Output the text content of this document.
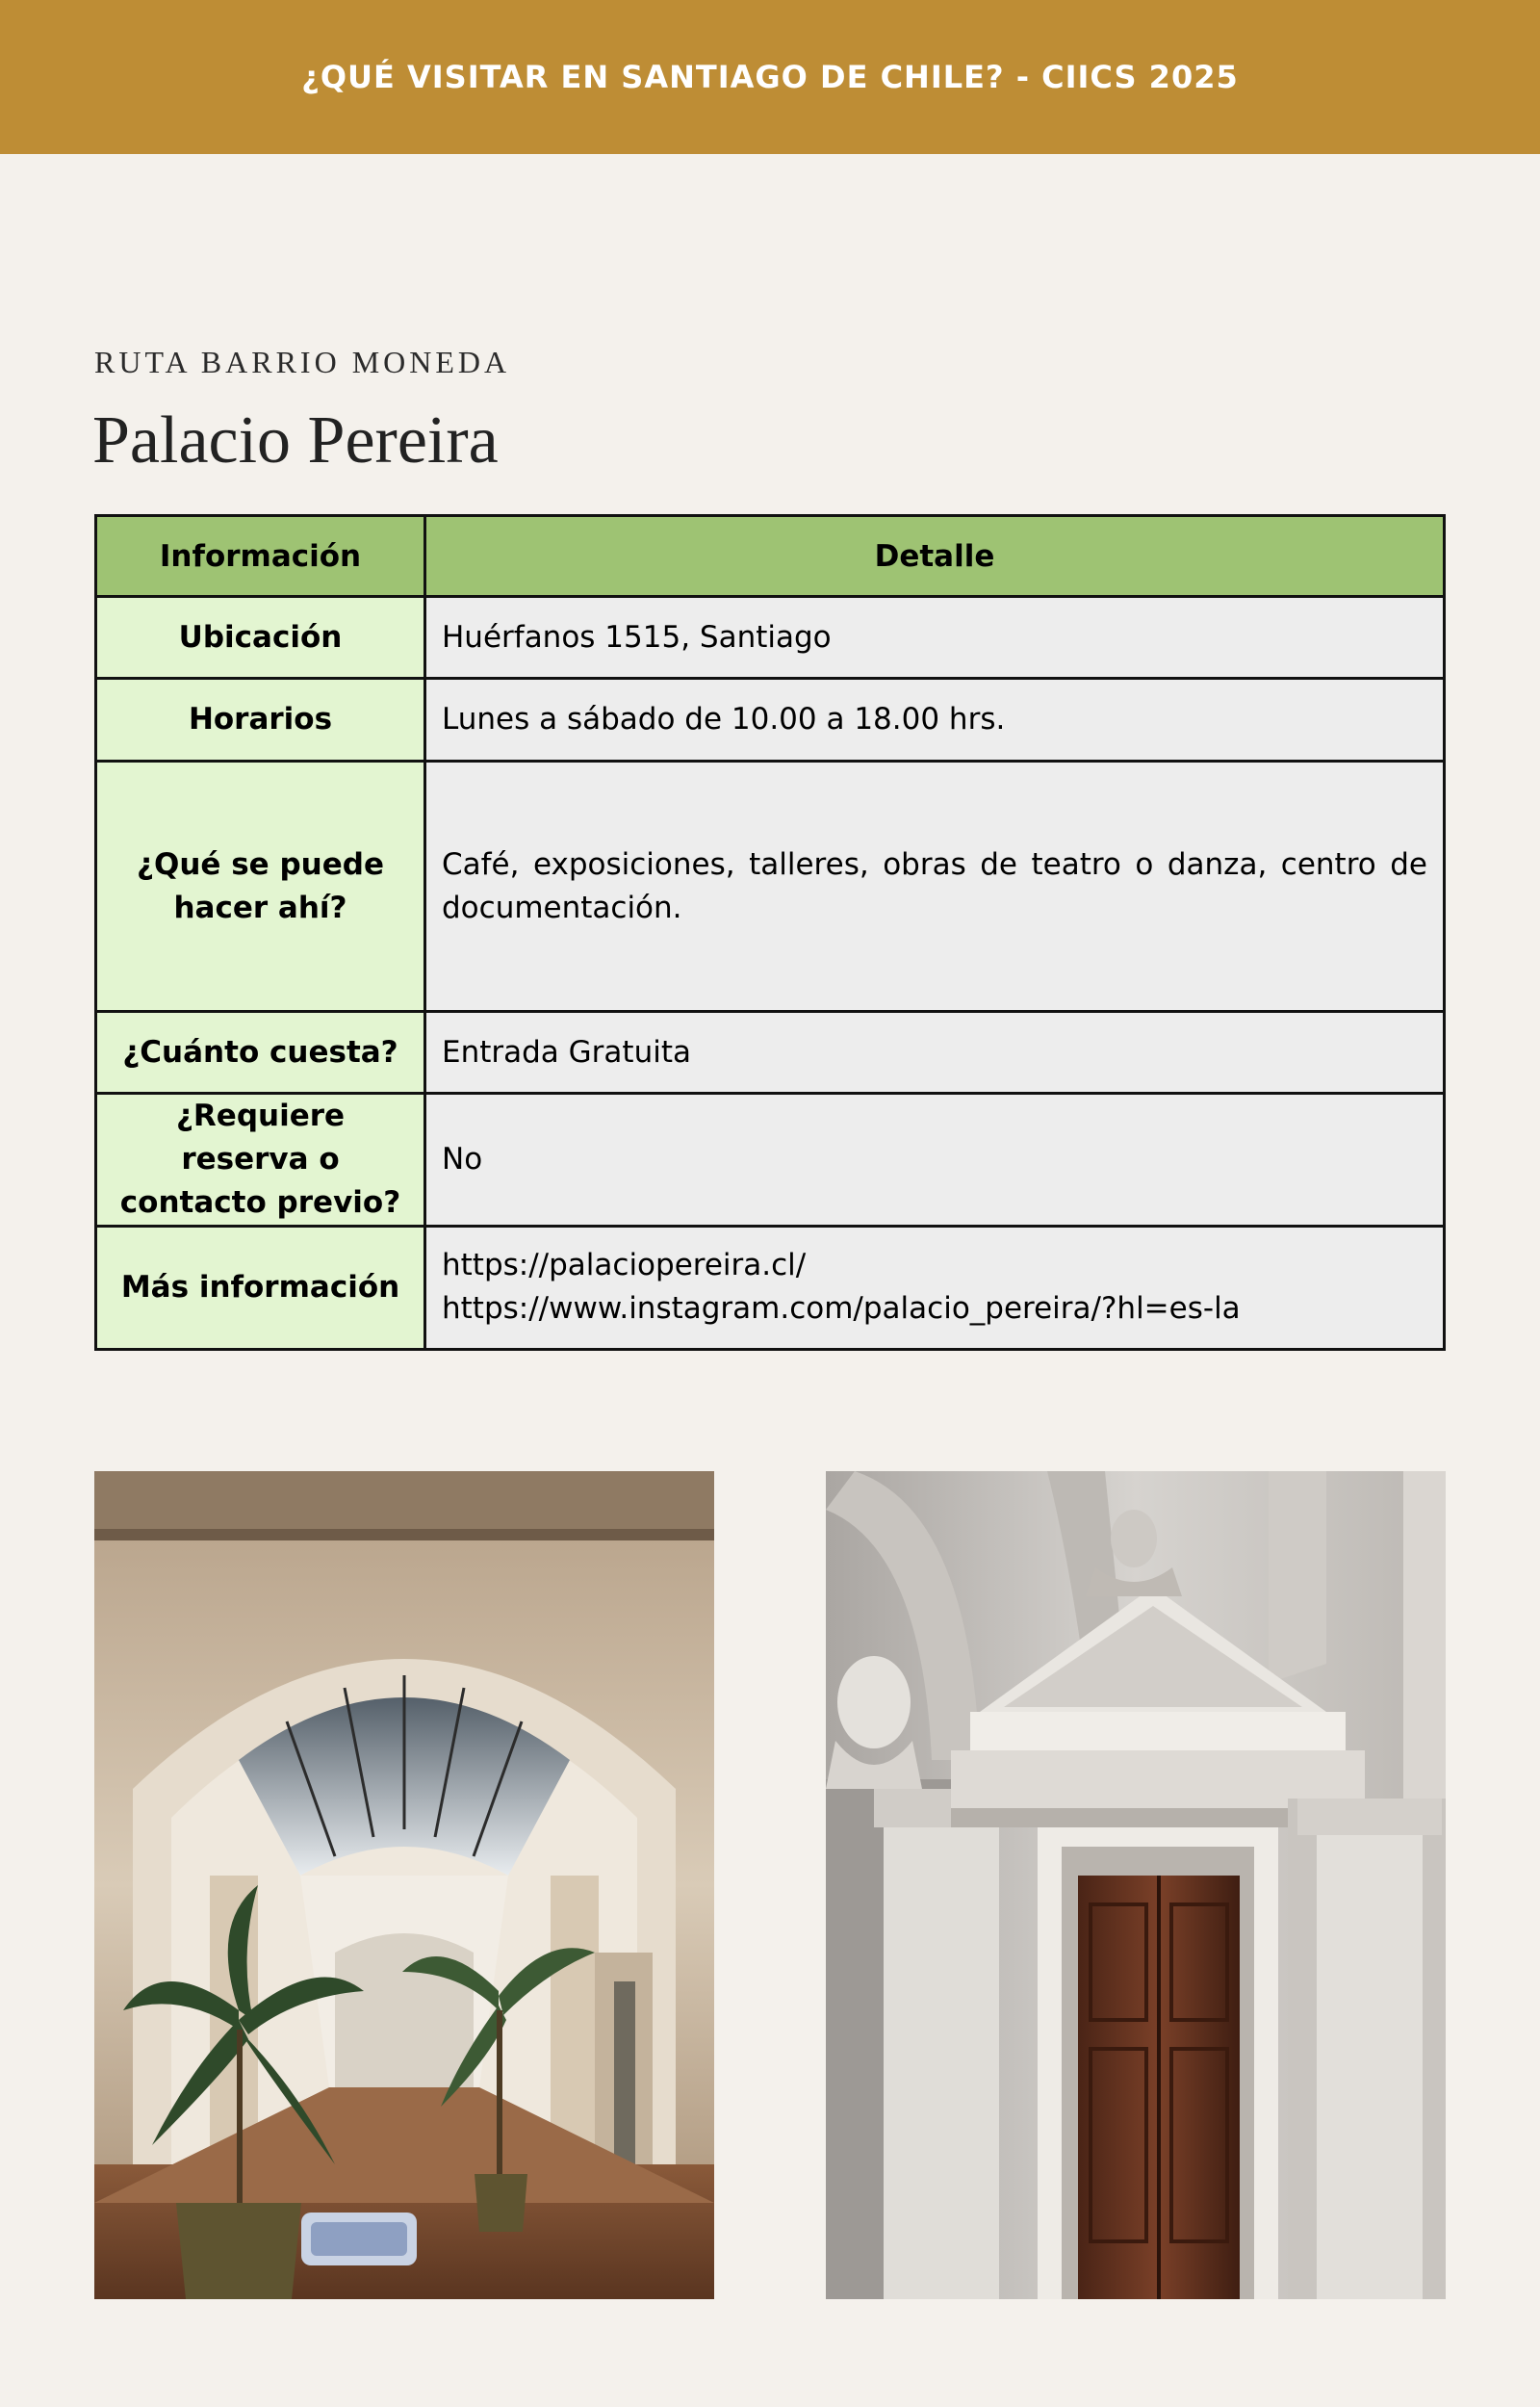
¿QUÉ VISITAR EN SANTIAGO DE CHILE? - CIICS 2025
RUTA BARRIO MONEDA
Palacio Pereira
Información	Detalle
Ubicación	Huérfanos 1515, Santiago
Horarios	Lunes a sábado de 10.00 a 18.00 hrs.
¿Qué se puede hacer ahí?	Café, exposiciones, talleres, obras de teatro o danza, centro de documentación.
¿Cuánto cuesta?	Entrada Gratuita
¿Requiere reserva o contacto previo?	No
Más información	https://palaciopereira.cl/
https://www.instagram.com/palacio_pereira/?hl=es-la
